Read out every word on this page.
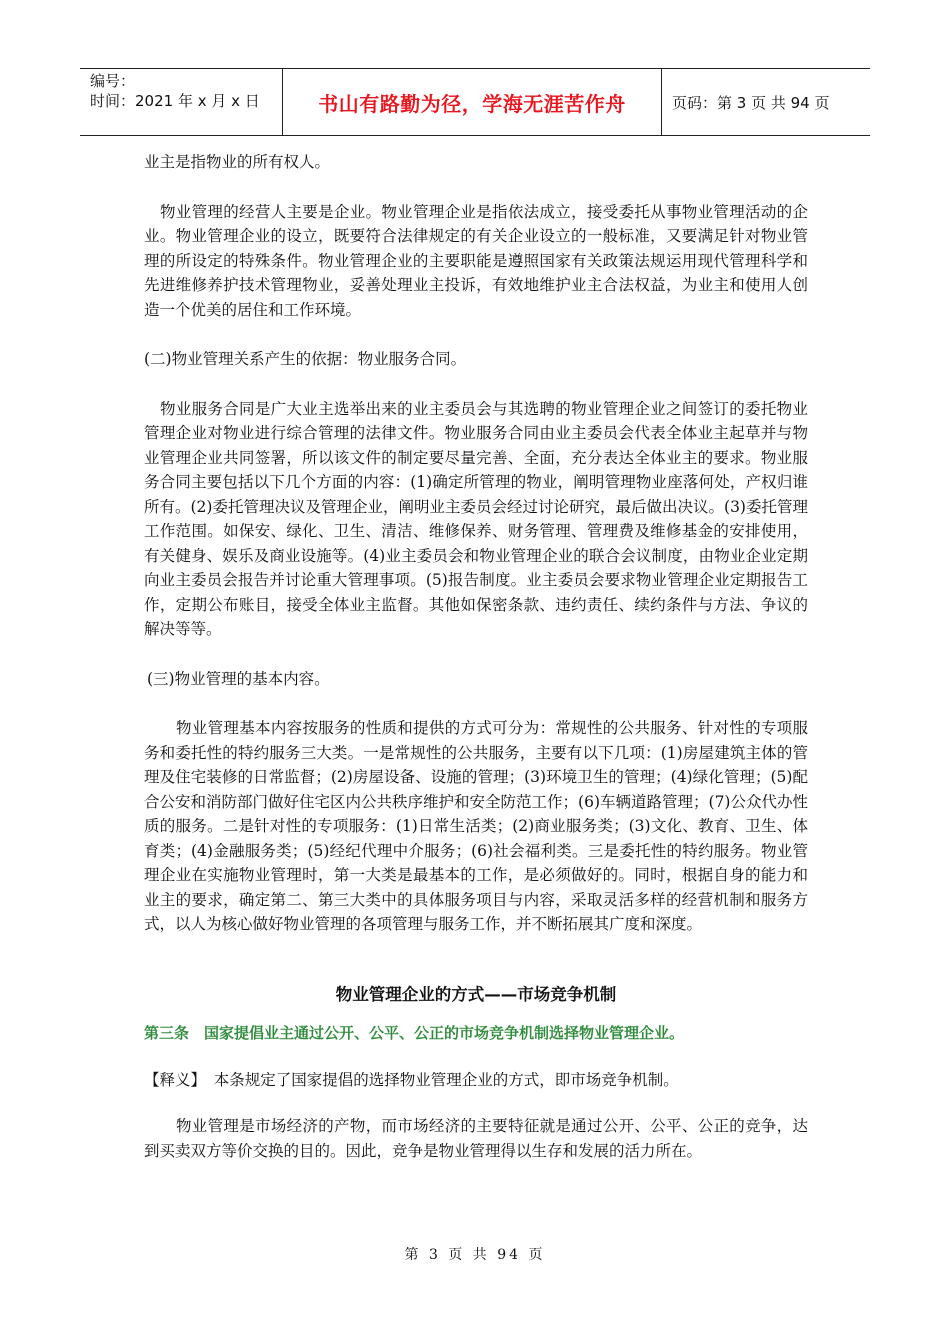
编号：
时间：2021 年 x 月 x 日	书山有路勤为径，学海无涯苦作舟	页码：第 3 页 共 94 页

业主是指物业的所有权人。

物业管理的经营人主要是企业。物业管理企业是指依法成立，接受委托从事物业管理活动的企业。物业管理企业的设立，既要符合法律规定的有关企业设立的一般标准，又要满足针对物业管理的所设定的特殊条件。物业管理企业的主要职能是遵照国家有关政策法规运用现代管理科学和先进维修养护技术管理物业，妥善处理业主投诉，有效地维护业主合法权益，为业主和使用人创造一个优美的居住和工作环境。

(二)物业管理关系产生的依据：物业服务合同。

物业服务合同是广大业主选举出来的业主委员会与其选聘的物业管理企业之间签订的委托物业管理企业对物业进行综合管理的法律文件。物业服务合同由业主委员会代表全体业主起草并与物业管理企业共同签署，所以该文件的制定要尽量完善、全面，充分表达全体业主的要求。物业服务合同主要包括以下几个方面的内容：(1)确定所管理的物业，阐明管理物业座落何处，产权归谁所有。(2)委托管理决议及管理企业，阐明业主委员会经过讨论研究，最后做出决议。(3)委托管理工作范围。如保安、绿化、卫生、清洁、维修保养、财务管理、管理费及维修基金的安排使用，有关健身、娱乐及商业设施等。(4)业主委员会和物业管理企业的联合会议制度，由物业企业定期向业主委员会报告并讨论重大管理事项。(5)报告制度。业主委员会要求物业管理企业定期报告工作，定期公布账目，接受全体业主监督。其他如保密条款、违约责任、续约条件与方法、争议的解决等等。

(三)物业管理的基本内容。

物业管理基本内容按服务的性质和提供的方式可分为：常规性的公共服务、针对性的专项服务和委托性的特约服务三大类。一是常规性的公共服务，主要有以下几项：(1)房屋建筑主体的管理及住宅装修的日常监督；(2)房屋设备、设施的管理；(3)环境卫生的管理；(4)绿化管理；(5)配合公安和消防部门做好住宅区内公共秩序维护和安全防范工作；(6)车辆道路管理；(7)公众代办性质的服务。二是针对性的专项服务：(1)日常生活类；(2)商业服务类；(3)文化、教育、卫生、体育类；(4)金融服务类；(5)经纪代理中介服务；(6)社会福利类。三是委托性的特约服务。物业管理企业在实施物业管理时，第一大类是最基本的工作，是必须做好的。同时，根据自身的能力和业主的要求，确定第二、第三大类中的具体服务项目与内容，采取灵活多样的经营机制和服务方式，以人为核心做好物业管理的各项管理与服务工作，并不断拓展其广度和深度。

物业管理企业的方式——市场竞争机制

第三条　国家提倡业主通过公开、公平、公正的市场竞争机制选择物业管理企业。

【释义】　本条规定了国家提倡的选择物业管理企业的方式，即市场竞争机制。

物业管理是市场经济的产物，而市场经济的主要特征就是通过公开、公平、公正的竞争，达到买卖双方等价交换的目的。因此，竞争是物业管理得以生存和发展的活力所在。

第 3 页 共 94 页
